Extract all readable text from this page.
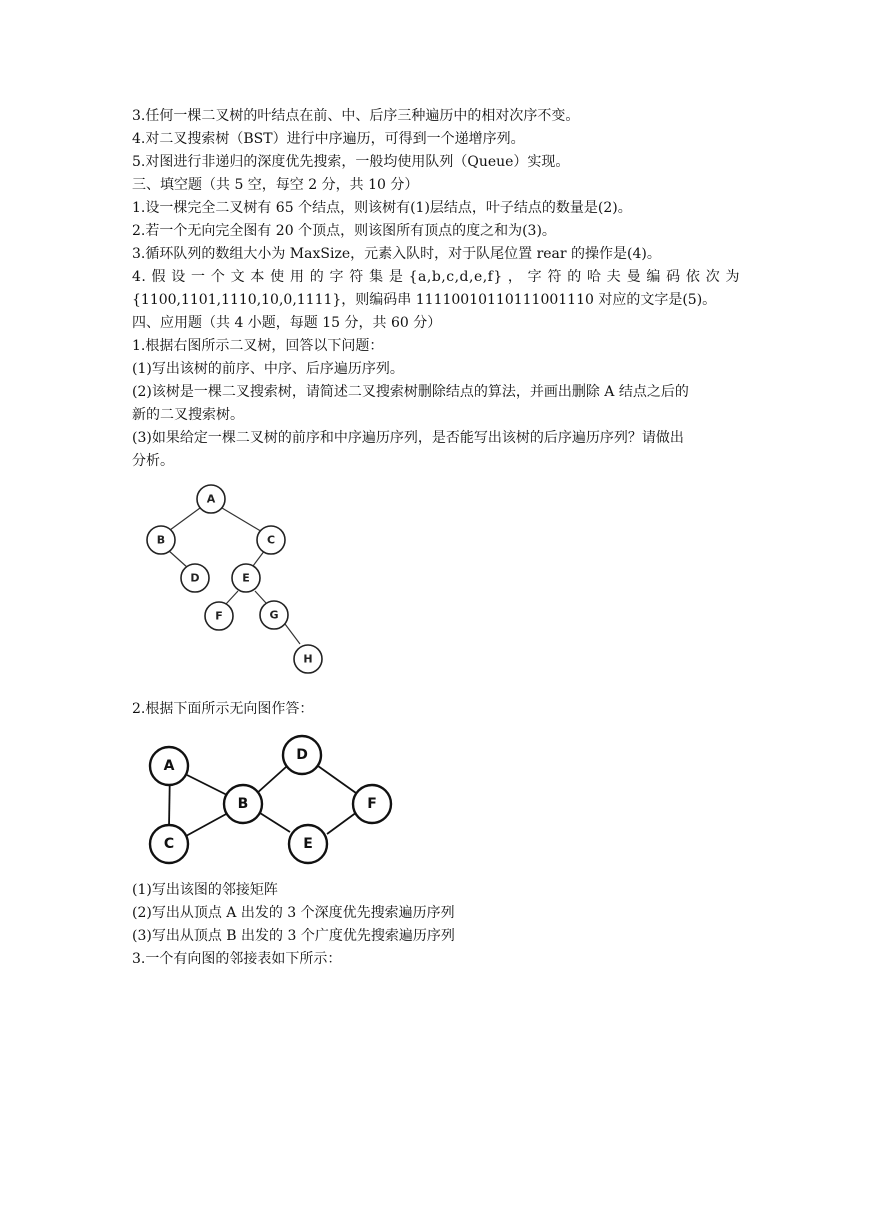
3.任何一棵二叉树的叶结点在前、中、后序三种遍历中的相对次序不变。
4.对二叉搜索树（BST）进行中序遍历，可得到一个递增序列。
5.对图进行非递归的深度优先搜索，一般均使用队列（Queue）实现。
三、填空题（共 5 空，每空 2 分，共 10 分）
1.设一棵完全二叉树有 65 个结点，则该树有(1)层结点，叶子结点的数量是(2)。
2.若一个无向完全图有 20 个顶点，则该图所有顶点的度之和为(3)。
3.循环队列的数组大小为 MaxSize，元素入队时，对于队尾位置 rear 的操作是(4)。
4. 假 设 一 个 文 本 使 用 的 字 符 集 是 {a,b,c,d,e,f} ， 字 符 的 哈 夫 曼 编 码 依 次 为
{1100,1101,1110,10,0,1111}，则编码串 11110010110111001110 对应的文字是(5)。
四、应用题（共 4 小题，每题 15 分，共 60 分）
1.根据右图所示二叉树，回答以下问题：
(1)写出该树的前序、中序、后序遍历序列。
(2)该树是一棵二叉搜索树，请简述二叉搜索树删除结点的算法，并画出删除 A 结点之后的
新的二叉搜索树。
(3)如果给定一棵二叉树的前序和中序遍历序列，是否能写出该树的后序遍历序列？请做出
分析。
A
B	C
D	E
F	G
H
2.根据下面所示无向图作答：
A
B
C
D
E
F
(1)写出该图的邻接矩阵
(2)写出从顶点 A 出发的 3 个深度优先搜索遍历序列
(3)写出从顶点 B 出发的 3 个广度优先搜索遍历序列
3.一个有向图的邻接表如下所示：
